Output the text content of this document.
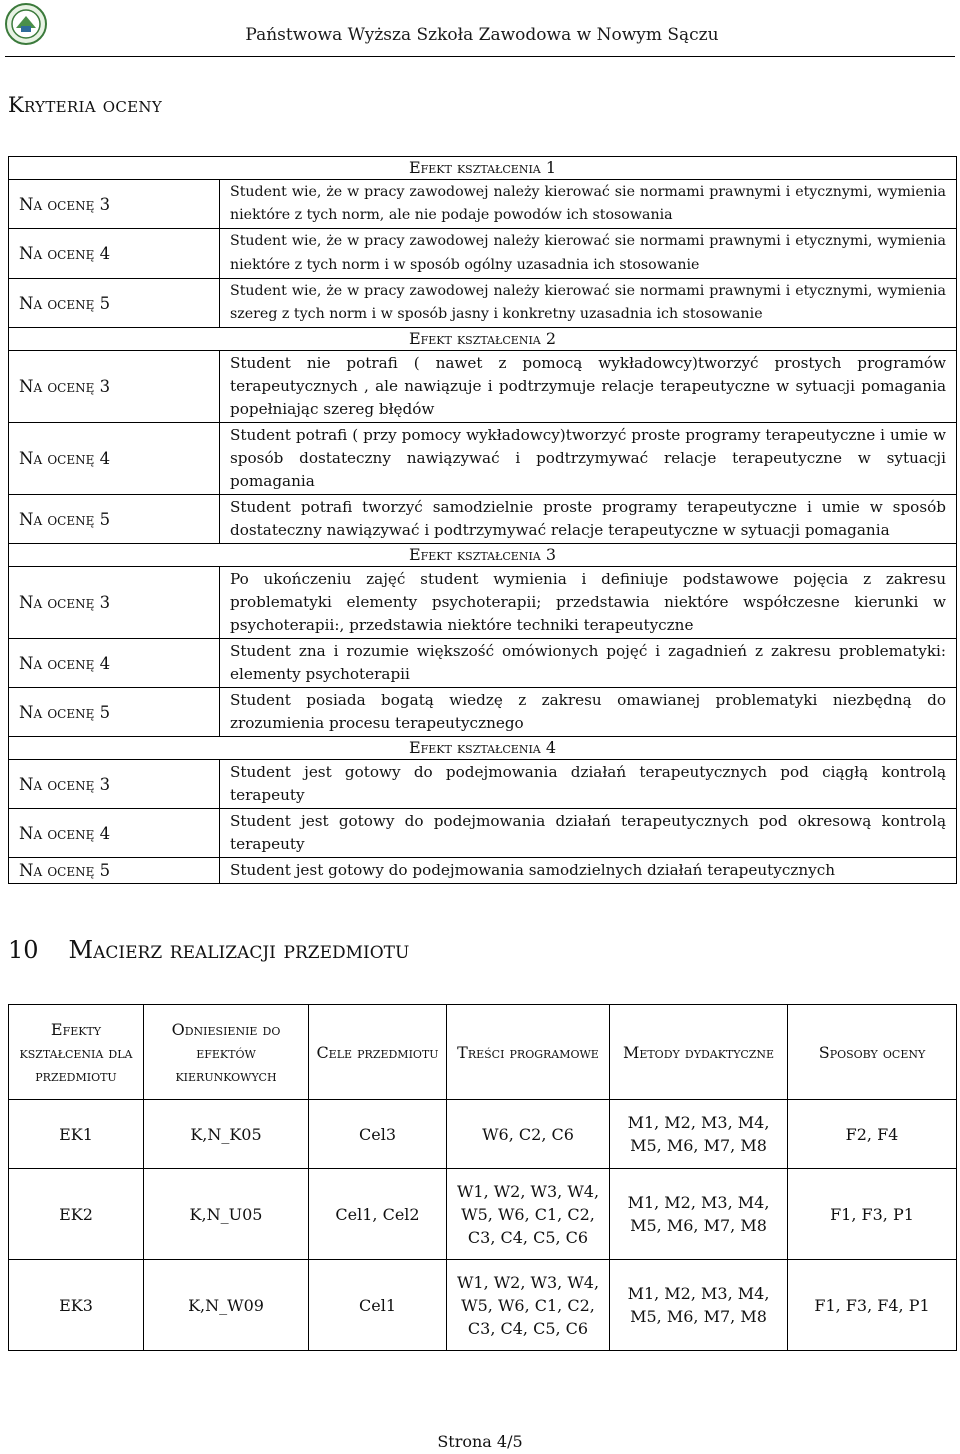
Państwowa Wyższa Szkoła Zawodowa w Nowym Sączu
Kryteria oceny
Efekt kształcenia 1	
Na ocenę 3	Student wie, że w pracy zawodowej należy kierować sie normami prawnymi i etycznymi, wymienia niektóre z tych norm, ale nie podaje powodów ich stosowania
Na ocenę 4	Student wie, że w pracy zawodowej należy kierować sie normami prawnymi i etycznymi, wymienia niektóre z tych norm i w sposób ogólny uzasadnia ich stosowanie
Na ocenę 5	Student wie, że w pracy zawodowej należy kierować sie normami prawnymi i etycznymi, wymienia szereg z tych norm i w sposób jasny i konkretny uzasadnia ich stosowanie
Efekt kształcenia 2	
Na ocenę 3	Student nie potrafi ( nawet z pomocą wykładowcy)tworzyć prostych programów terapeutycznych , ale nawiązuje i podtrzymuje relacje terapeutyczne w sytuacji pomagania popełniając szereg błędów
Na ocenę 4	Student potrafi ( przy pomocy wykładowcy)tworzyć proste programy terapeutyczne i umie w sposób dostateczny nawiązywać i podtrzymywać relacje terapeutyczne w sytuacji pomagania
Na ocenę 5	Student potrafi tworzyć samodzielnie proste programy terapeutyczne i umie w sposób dostateczny nawiązywać i podtrzymywać relacje terapeutyczne w sytuacji pomagania
Efekt kształcenia 3	
Na ocenę 3	Po ukończeniu zajęć student wymienia i definiuje podstawowe pojęcia z zakresu problematyki elementy psychoterapii; przedstawia niektóre współczesne kierunki w psychoterapii:, przedstawia niektóre techniki terapeutyczne
Na ocenę 4	Student zna i rozumie większość omówionych pojęć i zagadnień z zakresu problematyki: elementy psychoterapii
Na ocenę 5	Student posiada bogatą wiedzę z zakresu omawianej problematyki niezbędną do zrozumienia procesu terapeutycznego
Efekt kształcenia 4	
Na ocenę 3	Student jest gotowy do podejmowania działań terapeutycznych pod ciągłą kontrolą terapeuty
Na ocenę 4	Student jest gotowy do podejmowania działań terapeutycznych pod okresową kontrolą terapeuty
Na ocenę 5	Student jest gotowy do podejmowania samodzielnych działań terapeutycznych
10 Macierz realizacji przedmiotu
Efekty kształcenia dla przedmiotu	Odniesienie do efektów kierunkowych	Cele przedmiotu	Treści programowe	Metody dydaktyczne	Sposoby oceny
EK1	K,N_K05	Cel3	W6, C2, C6	M1, M2, M3, M4, M5, M6, M7, M8	F2, F4
EK2	K,N_U05	Cel1, Cel2	W1, W2, W3, W4, W5, W6, C1, C2, C3, C4, C5, C6	M1, M2, M3, M4, M5, M6, M7, M8	F1, F3, P1
EK3	K,N_W09	Cel1	W1, W2, W3, W4, W5, W6, C1, C2, C3, C4, C5, C6	M1, M2, M3, M4, M5, M6, M7, M8	F1, F3, F4, P1
Strona 4/5
